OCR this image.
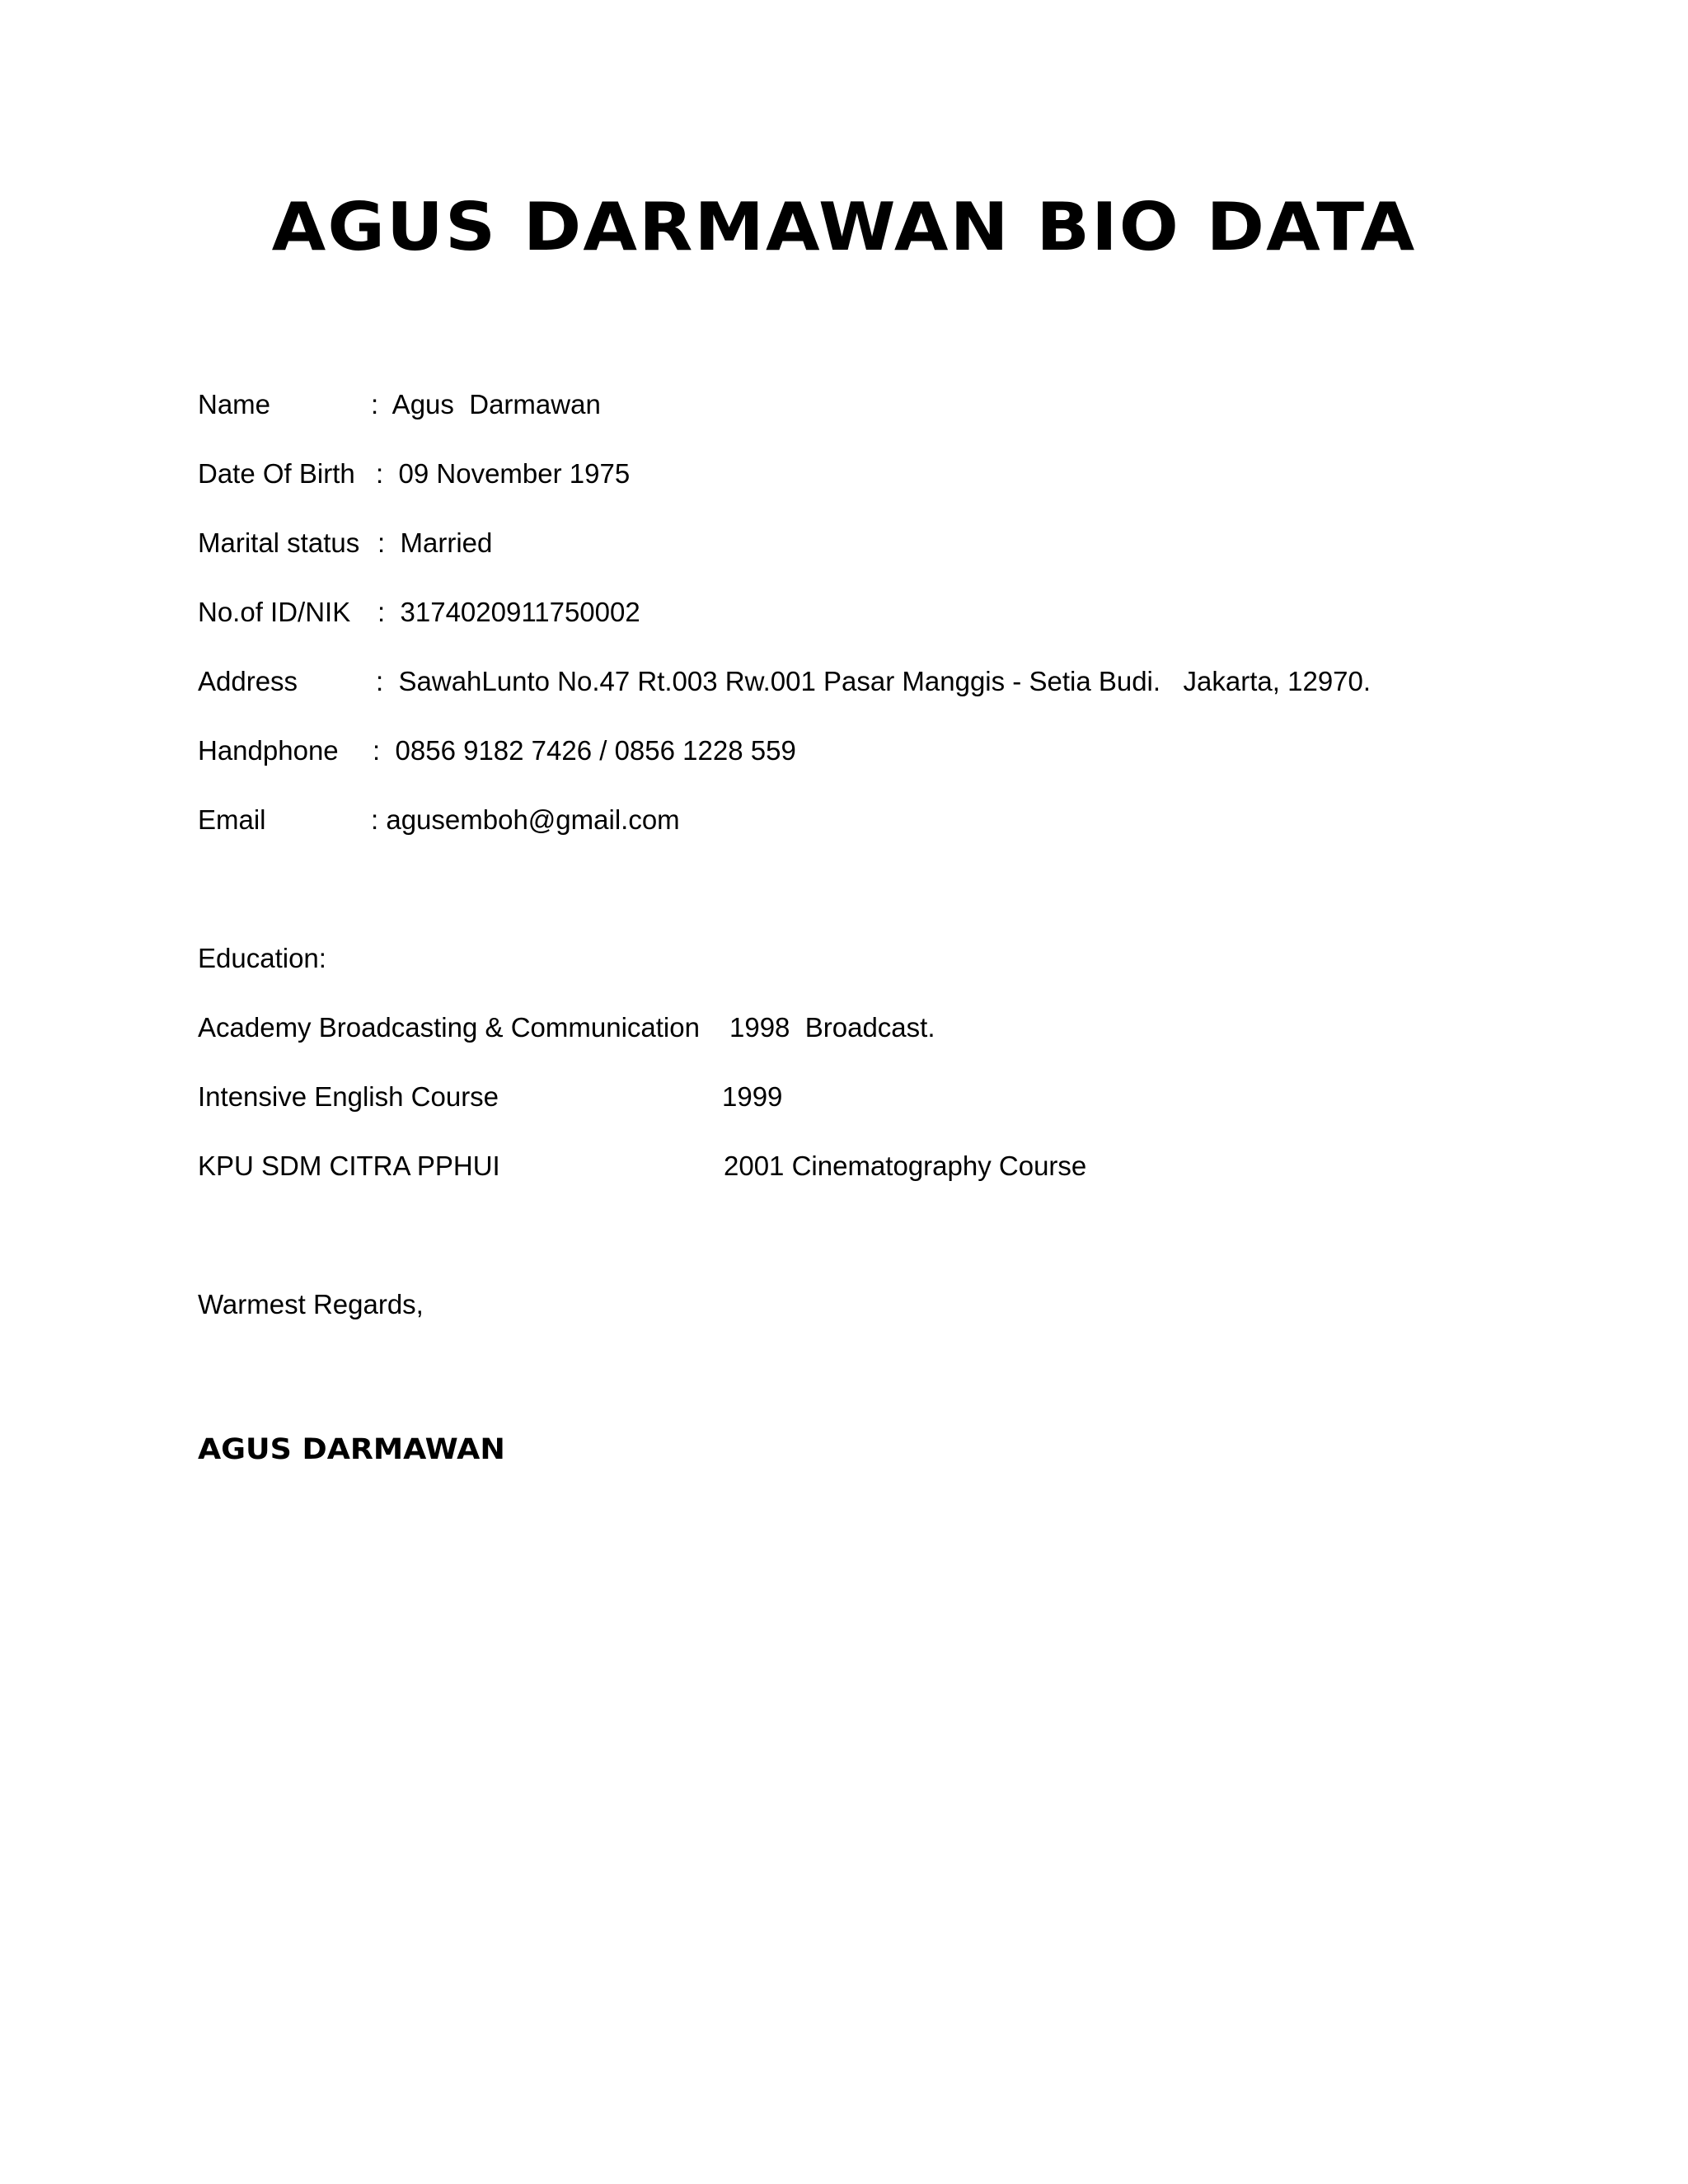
AGUS DARMAWAN BIO DATA
Name	:  Agus  Darmawan
Date Of Birth :  09 November 1975
Marital status :  Married
No.of ID/NIK :  3174020911750002
Address	:  SawahLunto No.47 Rt.003 Rw.001 Pasar Manggis - Setia Budi.   Jakarta, 12970.
Handphone :  0856 9182 7426 / 0856 1228 559
Email	: agusemboh@gmail.com
Education:
Academy Broadcasting & Communication 1998  Broadcast.
Intensive English Course	1999
KPU SDM CITRA PPHUI	2001 Cinematography Course
Warmest Regards,
AGUS DARMAWAN
